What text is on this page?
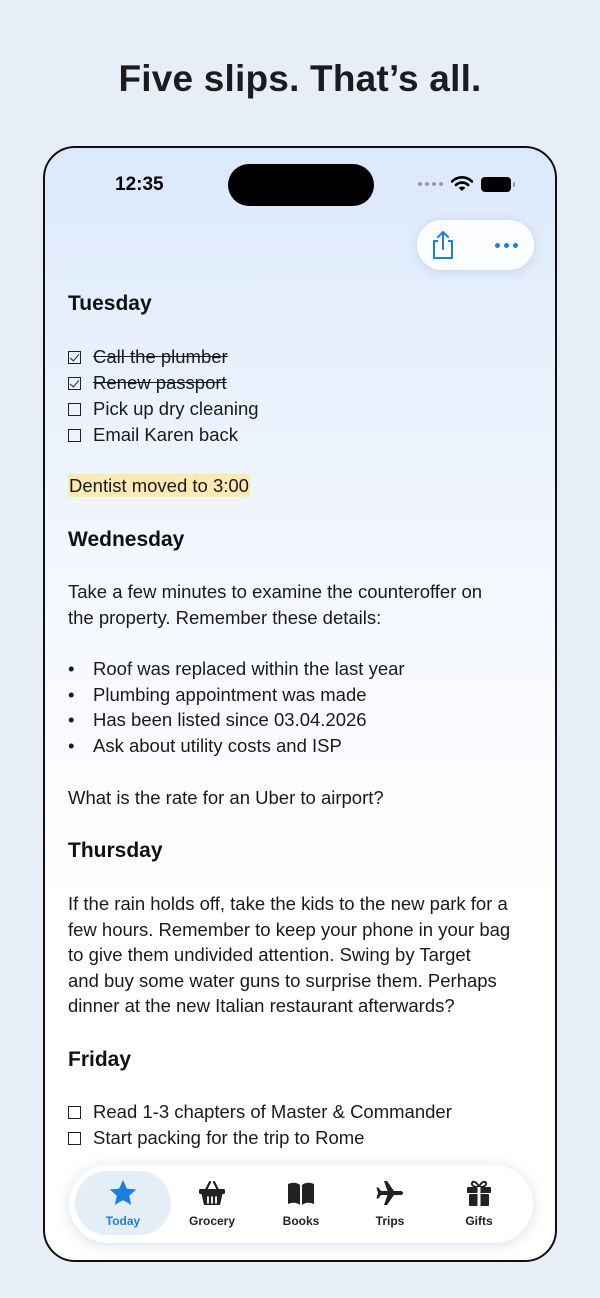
Five slips. That’s all.
12:35
Tuesday
Call the plumber
Renew passport
Pick up dry cleaning
Email Karen back
Dentist moved to 3:00
Wednesday
Take a few minutes to examine the counteroffer on
the property. Remember these details:
•	Roof was replaced within the last year
•	Plumbing appointment was made
•	Has been listed since 03.04.2026
•	Ask about utility costs and ISP
What is the rate for an Uber to airport?
Thursday
If the rain holds off, take the kids to the new park for a
few hours. Remember to keep your phone in your bag
to give them undivided attention. Swing by Target
and buy some water guns to surprise them. Perhaps
dinner at the new Italian restaurant afterwards?
Friday
Read 1-3 chapters of Master & Commander
Start packing for the trip to Rome
Today	Grocery	Books	Trips	Gifts
